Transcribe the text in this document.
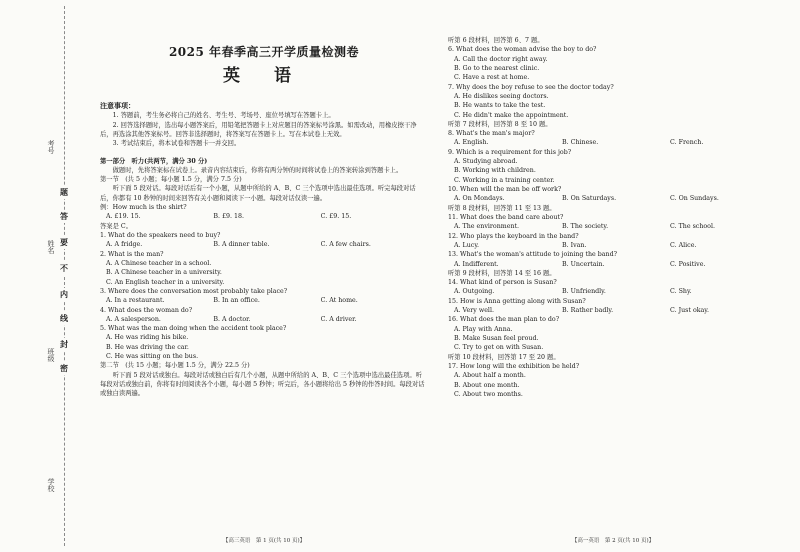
考号
姓名
班级
学校
题
答
要
不
内
线
封
密
2025 年春季高三开学质量检测卷
英 语
注意事项：

1. 答题前，考生务必将自己的姓名、考生号、考场号、座位号填写在答题卡上。

2. 回答选择题时，选出每小题答案后，用铅笔把答题卡上对应题目的答案标号涂黑。如需改动，用橡皮擦干净后，再选涂其他答案标号。回答非选择题时，将答案写在答题卡上。写在本试卷上无效。

3. 考试结束后，将本试卷和答题卡一并交回。

第一部分　听力(共两节，满分 30 分)

做题时，先将答案标在试卷上。录音内容结束后，你将有两分钟的时间将试卷上的答案转涂到答题卡上。

第一节　(共 5 小题；每小题 1.5 分，满分 7.5 分)

听下面 5 段对话。每段对话后有一个小题，从题中所给的 A、B、C 三个选项中选出最佳选项。听完每段对话后，你都有 10 秒钟的时间来回答有关小题和阅读下一小题。每段对话仅读一遍。

例：How much is the shirt?

A. £19. 15.	B. £9. 18.	C. £9. 15.

答案是 C。

1. What do the speakers need to buy?

A. A fridge.	B. A dinner table.	C. A few chairs.

2. What is the man?

A. A Chinese teacher in a school.
B. A Chinese teacher in a university.
C. An English teacher in a university.

3. Where does the conversation most probably take place?

A. In a restaurant.	B. In an office.	C. At home.

4. What does the woman do?

A. A salesperson.	B. A doctor.	C. A driver.

5. What was the man doing when the accident took place?

A. He was riding his bike.
B. He was driving the car.
C. He was sitting on the bus.

第二节　(共 15 小题；每小题 1.5 分，满分 22.5 分)

听下面 5 段对话或独白。每段对话或独白后有几个小题，从题中所给的 A、B、C 三个选项中选出最佳选项。听每段对话或独白前，你将有时间阅读各个小题，每小题 5 秒钟；听完后，各小题将给出 5 秒钟的作答时间。每段对话或独白读两遍。

【高三英语　第 1 页(共 10 页)】

听第 6 段材料，回答第 6、7 题。

6. What does the woman advise the boy to do?

A. Call the doctor right away.
B. Go to the nearest clinic.
C. Have a rest at home.

7. Why does the boy refuse to see the doctor today?

A. He dislikes seeing doctors.
B. He wants to take the test.
C. He didn't make the appointment.

听第 7 段材料，回答第 8 至 10 题。

8. What's the man's major?

A. English.	B. Chinese.	C. French.

9. Which is a requirement for this job?

A. Studying abroad.
B. Working with children.
C. Working in a training center.

10. When will the man be off work?

A. On Mondays.	B. On Saturdays.	C. On Sundays.

听第 8 段材料，回答第 11 至 13 题。

11. What does the band care about?

A. The environment.	B. The society.	C. The school.

12. Who plays the keyboard in the band?

A. Lucy.	B. Ivan.	C. Alice.

13. What's the woman's attitude to joining the band?

A. Indifferent.	B. Uncertain.	C. Positive.

听第 9 段材料，回答第 14 至 16 题。

14. What kind of person is Susan?

A. Outgoing.	B. Unfriendly.	C. Shy.

15. How is Anna getting along with Susan?

A. Very well.	B. Rather badly.	C. Just okay.

16. What does the man plan to do?

A. Play with Anna.
B. Make Susan feel proud.
C. Try to get on with Susan.

听第 10 段材料，回答第 17 至 20 题。

17. How long will the exhibition be held?

A. About half a month.
B. About one month.
C. About two months.
【高一英语　第 2 页(共 10 页)】
